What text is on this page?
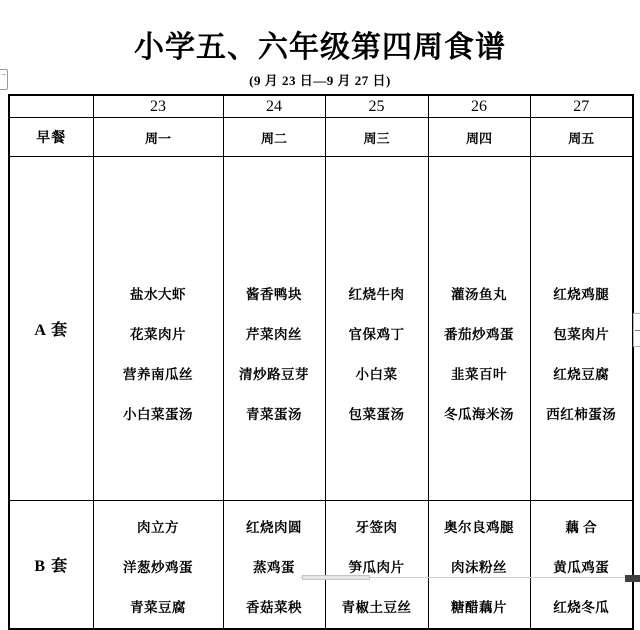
小学五、六年级第四周食谱
(9 月 23 日—9 月 27 日)
	23	24	25	26	27
早餐	周一	周二	周三	周四	周五
A 套	
盐水大虾
花菜肉片
营养南瓜丝
小白菜蛋汤

酱香鸭块
芹菜肉丝
清炒路豆芽
青菜蛋汤

红烧牛肉
官保鸡丁
小白菜
包菜蛋汤

灌汤鱼丸
番茄炒鸡蛋
韭菜百叶
冬瓜海米汤

红烧鸡腿
包菜肉片
红烧豆腐
西红柿蛋汤

B 套	
肉立方
洋葱炒鸡蛋
青菜豆腐

红烧肉圆
蒸鸡蛋
香菇菜秧

牙签肉
笋瓜肉片
青椒土豆丝

奥尔良鸡腿
肉沫粉丝
糖醋藕片

藕 合
黄瓜鸡蛋
红烧冬瓜
→
